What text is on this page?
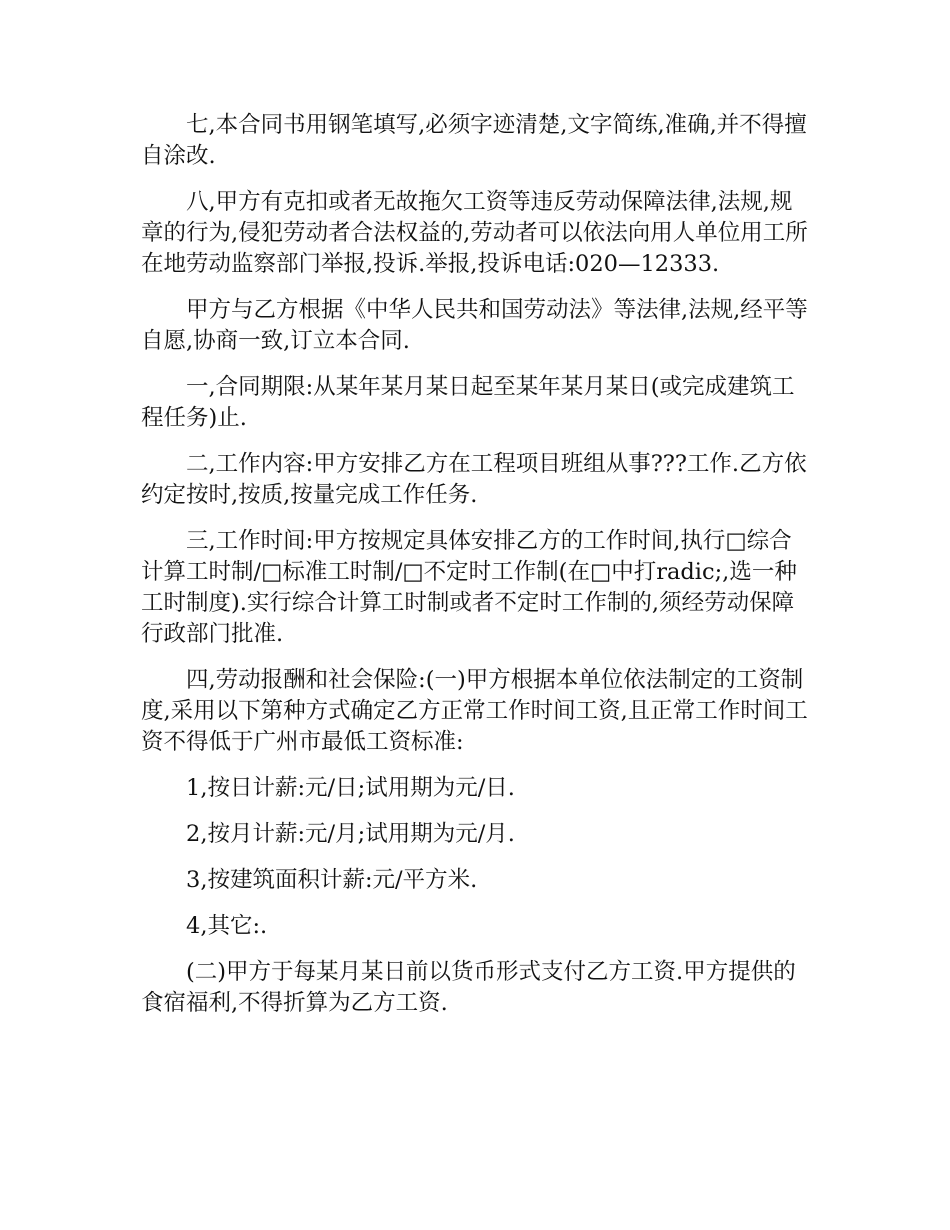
七,本合同书用钢笔填写,必须字迹清楚,文字简练,准确,并不得擅自涂改.

八,甲方有克扣或者无故拖欠工资等违反劳动保障法律,法规,规章的行为,侵犯劳动者合法权益的,劳动者可以依法向用人单位用工所在地劳动监察部门举报,投诉.举报,投诉电话:020—12333.

甲方与乙方根据《中华人民共和国劳动法》等法律,法规,经平等自愿,协商一致,订立本合同.

一,合同期限:从某年某月某日起至某年某月某日(或完成建筑工程任务)止.

二,工作内容:甲方安排乙方在工程项目班组从事???工作.乙方依约定按时,按质,按量完成工作任务.

三,工作时间:甲方按规定具体安排乙方的工作时间,执行□综合计算工时制/□标准工时制/□不定时工作制(在□中打radic;,选一种工时制度).实行综合计算工时制或者不定时工作制的,须经劳动保障行政部门批准.

四,劳动报酬和社会保险:(一)甲方根据本单位依法制定的工资制度,采用以下第种方式确定乙方正常工作时间工资,且正常工作时间工资不得低于广州市最低工资标准:

1,按日计薪:元/日;试用期为元/日.

2,按月计薪:元/月;试用期为元/月.

3,按建筑面积计薪:元/平方米.

4,其它:.

(二)甲方于每某月某日前以货币形式支付乙方工资.甲方提供的食宿福利,不得折算为乙方工资.
